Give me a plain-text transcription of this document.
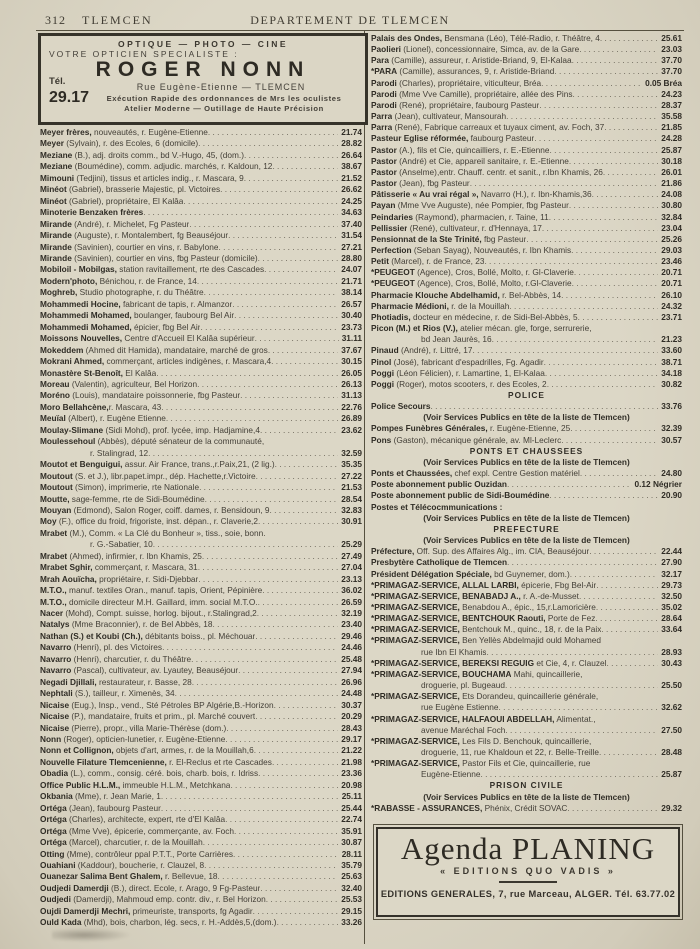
312 TLEMCEN	DEPARTEMENT DE TLEMCEN
OPTIQUE — PHOTO — CINE
VOTRE OPTICIEN SPECIALISTE :
ROGER NONN
Rue Eugène-Etienne — TLEMCEN
Exécution Rapide des ordonnances de Mrs les oculistes
Atelier Moderne — Outillage de Haute Précision
Tél.
29.17
Meyer frères, nouveautés, r. Eugène-Etienne . . .	21.74
Meyer (Sylvain), r. des Ecoles, 6 (domicile) . . .	28.82
Meziane (B.), adj. droits comm., bd V.-Hugo, 45, (dom.) . . .	26.64
Meziane (Boumédine), comm. adjudic. marchés, r. Kaldoun, 12 . . .	38.67
Mimouni (Tedjini), tissus et articles indig., r. Mascara, 9 . . .	21.52
Minéot (Gabriel), brasserie Majestic, pl. Victoires . . .	26.62
Minéot (Gabriel), propriétaire, El Kalâa . . .	24.25
Minoterie Benzaken frères . . .	34.63
Mirande (André), r. Michelet, Fg Pasteur . . .	37.40
Mirande (Auguste), r. Montalembert, fg Beauséjour . . .	31.54
Mirande (Savinien), courtier en vins, r. Babylone . . .	27.21
Mirande (Savinien), courtier en vins, fbg Pasteur (domicile) . . .	28.80
Mobiloil - Mobilgas, station ravitaillement, rte des Cascades . . .	24.07
Modern'photo, Bénichou, r. de France, 14 . . .	21.71
Moghreb, Studio photographe, r. du Théâtre . . .	38.14
Mohammedi Hocine, fabricant de tapis, r. Almanzor . . .	26.57
Mohammedi Mohamed, boulanger, faubourg Bel Air . . .	30.40
Mohammedi Mohamed, épicier, fbg Bel Air . . .	23.73
Moissons Nouvelles, Centre d'Accueil El Kalâa supérieur . . .	31.11
Mokeddem (Ahmed dit Hamida), mandataire, marché de gros . . .	37.67
Mokrani Ahmed, commerçant, articles indigènes, r. Mascara,4 . . .	30.15
Monastère St-Benoît, El Kalâa . . .	26.05
Moreau (Valentin), agriculteur, Bel Horizon . . .	26.13
Moréno (Louis), mandataire poissonnerie, fbg Pasteur . . .	31.13
Moro Bellahcène, r. Mascara, 43 . . .	22.76
Meuïal (Albert), r. Eugène Etienne . . .	26.89
Moulay-Slimane (Sidi Mohd), prof. lycée, imp. Hadjamine,4 . . .	23.62
Moulessehoul (Abbès), député sénateur de la communauté,
r. Stalingrad, 12 . . .	32.59
Moutot et Benguigui, assur. Air France, trans.,r.Paix,21, (2 lig.) . . .	35.35
Moutout (S. et J.), libr.papet.impr., dép. Hachette,r.Victoire . . .	27.22
Moutout (Simon), imprimerie, rte Nationale . . .	21.53
Moutte, sage-femme, rte de Sidi-Boumédine . . .	28.54
Mouyan (Edmond), Salon Roger, coiff. dames, r. Bensidoun, 9 . . .	32.83
Moy (F.), office du froid, frigoriste, inst. dépan., r. Claverie,2 . . .	30.91
Mrabet (M.), Comm. « La Clé du Bonheur », tiss., soie, bonn.
r. G.-Sabatier, 10 . . .	25.29
Mrabet (Ahmed), infirmier, r. Ibn Khamis, 25 . . .	27.49
Mrabet Sghir, commerçant, r. Mascara, 31 . . .	27.04
Mrah Aouïcha, propriétaire, r. Sidi-Djebbar . . .	23.13
M.T.O., manuf. textiles Oran., manuf. tapis, Orient, Pépinière . . .	36.02
M.T.O., domicile directeur M.H. Gaillard, imm. social M.T.O. . . .	26.59
Nacer (Mohd), Compt. suisse, horlog. bijout., r.Stalingrad,2 . . .	32.19
Natalys (Mme Braconnier), r. de Bel Abbès, 18 . . .	23.40
Nathan (S.) et Koubi (Ch.), débitants boiss., pl. Méchouar . . .	29.46
Navarro (Henri), pl. des Victoires . . .	24.46
Navarro (Henri), charcutier, r. du Théâtre . . .	25.48
Navarro (Pascal), cultivateur, av. Lyautey, Beauséjour . . .	27.94
Negadi Djillali, restaurateur, r. Basse, 28 . . .	26.96
Nephtali (S.), tailleur, r. Ximenès, 34 . . .	24.48
Nicaise (Eug.), Insp., vend., Sté Pétroles BP Algérie,B.-Horizon . . .	30.37
Nicaise (P.), mandataire, fruits et prim., pl. Marché couvert . . .	20.29
Nicaise (Pierre), propr., villa Marie-Thérèse (dom.) . . .	28.43
Nonn (Roger), opticien-lunetier, r. Eugène-Etienne . . .	29.17
Nonn et Collignon, objets d'art, armes, r. de la Mouillah,6 . . .	21.22
Nouvelle Filature Tlemcenienne, r. El-Reclus et rte Cascades . . .	21.98
Obadia (L.), comm., consig. céré. bois, charb. bois, r. Idriss . . .	23.36
Office Public H.L.M., immeuble H.L.M., Metchkana . . .	20.98
Okbania (Mme), r. Jean Marie, 1 . . .	25.11
Ortéga (Jean), faubourg Pasteur . . .	25.44
Ortéga (Charles), architecte, expert, rte d'El Kalâa . . .	22.74
Ortéga (Mme Vve), épicerie, commerçante, av. Foch . . .	35.91
Ortéga (Marcel), charcutier, r. de la Mouillah . . .	30.87
Otting (Mme), contrôleur ppal P.T.T., Porte Carrières . . .	28.11
Ouahiani (Kaddour), boucherie, r. Clauzel, 8 . . .	35.79
Ouanezar Salima Bent Ghalem, r. Bellevue, 18 . . .	25.63
Oudjedi Damerdji (B.), direct. Ecole, r. Arago, 9 Fg-Pasteur . . .	32.40
Oudjedi (Damerdji), Mahmoud emp. contr. div., r. Bel Horizon . . .	25.53
Oujdi Damerdji Mechri, primeuriste, transports, fg Agadir . . .	29.15
Ould Kada (Mhd), bois, charbon, lég. secs, r. H.-Addès,5,(dom.) . . .	33.26
Palais des Ondes, Bensmana (Léo), Télé-Radio, r. Théâtre, 4 . . .	25.61
Paolieri (Lionel), concessionnaire, Simca, av. de la Gare . . .	23.03
Para (Camille), assureur, r. Aristide-Briand, 9, El-Kalaa . . .	37.70
*PARA (Camille), assurances, 9, r. Aristide-Briand . . .	37.70
Parodi (Charles), propriétaire, viticulteur, Bréa . . .	0.05 Bréa
Parodi (Mme Vve Camille), propriétaire, allée des Pins . . .	24.23
Parodi (René), propriétaire, faubourg Pasteur . . .	28.37
Parra (Jean), cultivateur, Mansourah . . .	35.58
Parra (René), Fabrique carreaux et tuyaux ciment, av. Foch, 37 . . .	21.85
Pasteur Eglise réformée, faubourg Pasteur . . .	24.28
Pastor (A.), fils et Cie, quincailliers, r. E.-Etienne . . .	25.87
Pastor (André) et Cie, appareil sanitaire, r. E.-Etienne . . .	30.18
Pastor (Anselme),entr. Chauff. centr. et sanit., r.Ibn Khamis, 26 . . .	26.01
Pastor (Jean), fbg Pasteur . . .	21.86
Pâtisserie « Au vrai régal », Navarro (H.), r. Ibn-Khamis,36 . . .	24.08
Payan (Mme Vve Auguste), née Pompier, fbg Pasteur . . .	30.80
Peindaries (Raymond), pharmacien, r. Taine, 11 . . .	32.84
Pellissier (René), cultivateur, r. d'Hennaya, 17 . . .	23.04
Pensionnat de la Ste Trinité, fbg Pasteur . . .	25.26
Perfection (Seban Sayag), Nouveautés, r. Ibn Khamis . . .	29.03
Petit (Marcel), r. de France, 23 . . .	23.46
*PEUGEOT (Agence), Cros, Bollé, Molto, r. Gl-Claverie . . .	20.71
*PEUGEOT (Agence), Cros, Bollé, Molto, r.Gl-Claverie . . .	20.71
Pharmacie Klouche Abdelhamid, r. Bel-Abbès, 14 . . .	26.10
Pharmacie Médioni, r. de la Mouillah . . .	24.32
Photiadis, docteur en médecine, r. de Sidi-Bel-Abbès, 5 . . .	23.71
Picon (M.) et Rios (V.), atelier mécan. gle, forge, serrurerie,
bd Jean Jaurès, 16 . . .	21.23
Pinaud (André), r. Littré, 17 . . .	33.60
Pinol (José), fabricant d'espadrilles, Fg. Agadir . . .	38.71
Poggi (Léon Félicien), r. Lamartine, 1, El-Kalaa . . .	34.18
Poggi (Roger), motos scooters, r. des Ecoles, 2 . . .	30.82
POLICE
Police Secours . . .	33.76
(Voir Services Publics en tête de la liste de Tlemcen)
Pompes Funèbres Générales, r. Eugène-Etienne, 25 . . .	32.39
Pons (Gaston), mécanique générale, av. Ml-Leclerc . . .	30.57
PONTS ET CHAUSSEES
(Voir Services Publics en tête de la liste de Tlemcen)
Ponts et Chaussées, chef expl. Centre Gestion matériel . . .	24.80
Poste abonnement public Ouzidan . . .	0.12 Négrier
Poste abonnement public de Sidi-Boumédine . . .	20.90
Postes et Télécocmmunications :
(Voir Services Publics en tête de la liste de Tlemcen)
PREFECTURE
(Voir Services Publics en tête de la liste de Tlemcen)
Préfecture, Off. Sup. des Affaires Alg., im. CIA, Beauséjour . . .	22.44
Presbytère Catholique de Tlemcen . . .	27.90
Président Délégation Spéciale, bd Guynemer, dom.) . . .	32.17
*PRIMAGAZ-SERVICE, ALLAL LARBI, épicerie, Fbg Bel-Air . . .	29.73
*PRIMAGAZ-SERVICE, BENABADJ A., r. A.-de-Musset . . .	32.50
*PRIMAGAZ-SERVICE, Benabdou A., épic., 15,r.Lamoricière . . .	35.02
*PRIMAGAZ-SERVICE, BENTCHOUK Raouti, Porte de Fez . . .	28.64
*PRIMAGAZ-SERVICE, Bentchouk M., quinc., 18, r. de la Paix . . .	33.64
*PRIMAGAZ-SERVICE, Ben Yellès Abdelmajid ould Mohamed
rue Ibn El Khamis . . .	28.93
*PRIMAGAZ-SERVICE, BEREKSI REGUIG et Cie, 4, r. Clauzel . . .	30.43
*PRIMAGAZ-SERVICE, BOUCHAMA Mahi, quincaillerie,
droguerie, pl. Bugeaud . . .	25.50
*PRIMAGAZ-SERVICE, Ets Dorandeu, quincaillerie générale,
rue Eugène Estienne . . .	32.62
*PRIMAGAZ-SERVICE, HALFAOUI ABDELLAH, Alimentat.,
avenue Maréchal Foch . . .	27.50
*PRIMAGAZ-SERVICE, Les Fils D. Benchouk, quincaillerie,
droguerie, 11, rue Khaldoun et 22, r. Belle-Treille . . .	28.48
*PRIMAGAZ-SERVICE, Pastor Fils et Cie, quincaillerie, rue
Eugène-Etienne . . .	25.87
PRISON CIVILE
(Voir Services Publics en tête de la liste de Tlemcen)
*RABASSE - ASSURANCES, Phénix, Crédit SOVAC . . .	29.32
Agenda PLANING
« EDITIONS QUO VADIS »
EDITIONS GENERALES, 7, rue Marceau, ALGER. Tél. 63.77.02
